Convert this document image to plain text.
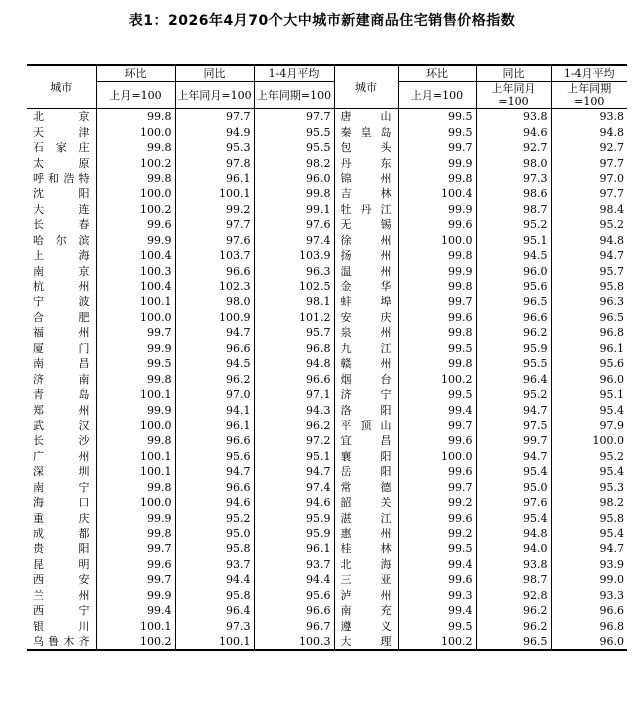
表1：2026年4月70个大中城市新建商品住宅销售价格指数
城市	环比	同比	1-4月平均	城市	环比	同比	1-4月平均
	上月=100	上年同月=100	上年同期=100		上月=100	上年同月=100	上年同期=100
北京	99.8	97.7	97.7	唐山	99.5	93.8	93.8
天津	100.0	94.9	95.5	秦皇岛	99.5	94.6	94.8
石家庄	99.8	95.3	95.5	包头	99.7	92.7	92.7
太原	100.2	97.8	98.2	丹东	99.9	98.0	97.7
呼和浩特	99.8	96.1	96.0	锦州	99.8	97.3	97.0
沈阳	100.0	100.1	99.8	吉林	100.4	98.6	97.7
大连	100.2	99.2	99.1	牡丹江	99.9	98.7	98.4
长春	99.6	97.7	97.6	无锡	99.6	95.2	95.2
哈尔滨	99.9	97.6	97.4	徐州	100.0	95.1	94.8
上海	100.4	103.7	103.9	扬州	99.8	94.5	94.7
南京	100.3	96.6	96.3	温州	99.9	96.0	95.7
杭州	100.4	102.3	102.5	金华	99.8	95.6	95.8
宁波	100.1	98.0	98.1	蚌埠	99.7	96.5	96.3
合肥	100.0	100.9	101.2	安庆	99.6	96.6	96.5
福州	99.7	94.7	95.7	泉州	99.8	96.2	96.8
厦门	99.9	96.6	96.8	九江	99.5	95.9	96.1
南昌	99.5	94.5	94.8	赣州	99.8	95.5	95.6
济南	99.8	96.2	96.6	烟台	100.2	96.4	96.0
青岛	100.1	97.0	97.1	济宁	99.5	95.2	95.1
郑州	99.9	94.1	94.3	洛阳	99.4	94.7	95.4
武汉	100.0	96.1	96.2	平顶山	99.7	97.5	97.9
长沙	99.8	96.6	97.2	宜昌	99.6	99.7	100.0
广州	100.1	95.6	95.1	襄阳	100.0	94.7	95.2
深圳	100.1	94.7	94.7	岳阳	99.6	95.4	95.4
南宁	99.8	96.6	97.4	常德	99.7	95.0	95.3
海口	100.0	94.6	94.6	韶关	99.2	97.6	98.2
重庆	99.9	95.2	95.9	湛江	99.6	95.4	95.8
成都	99.8	95.0	95.9	惠州	99.2	94.8	95.4
贵阳	99.7	95.8	96.1	桂林	99.5	94.0	94.7
昆明	99.6	93.7	93.7	北海	99.4	93.8	93.9
西安	99.7	94.4	94.4	三亚	99.6	98.7	99.0
兰州	99.9	95.8	95.6	泸州	99.3	92.8	93.3
西宁	99.4	96.4	96.6	南充	99.4	96.2	96.6
银川	100.1	97.3	96.7	遵义	99.5	96.2	96.8
乌鲁木齐	100.2	100.1	100.3	大理	100.2	96.5	96.0
